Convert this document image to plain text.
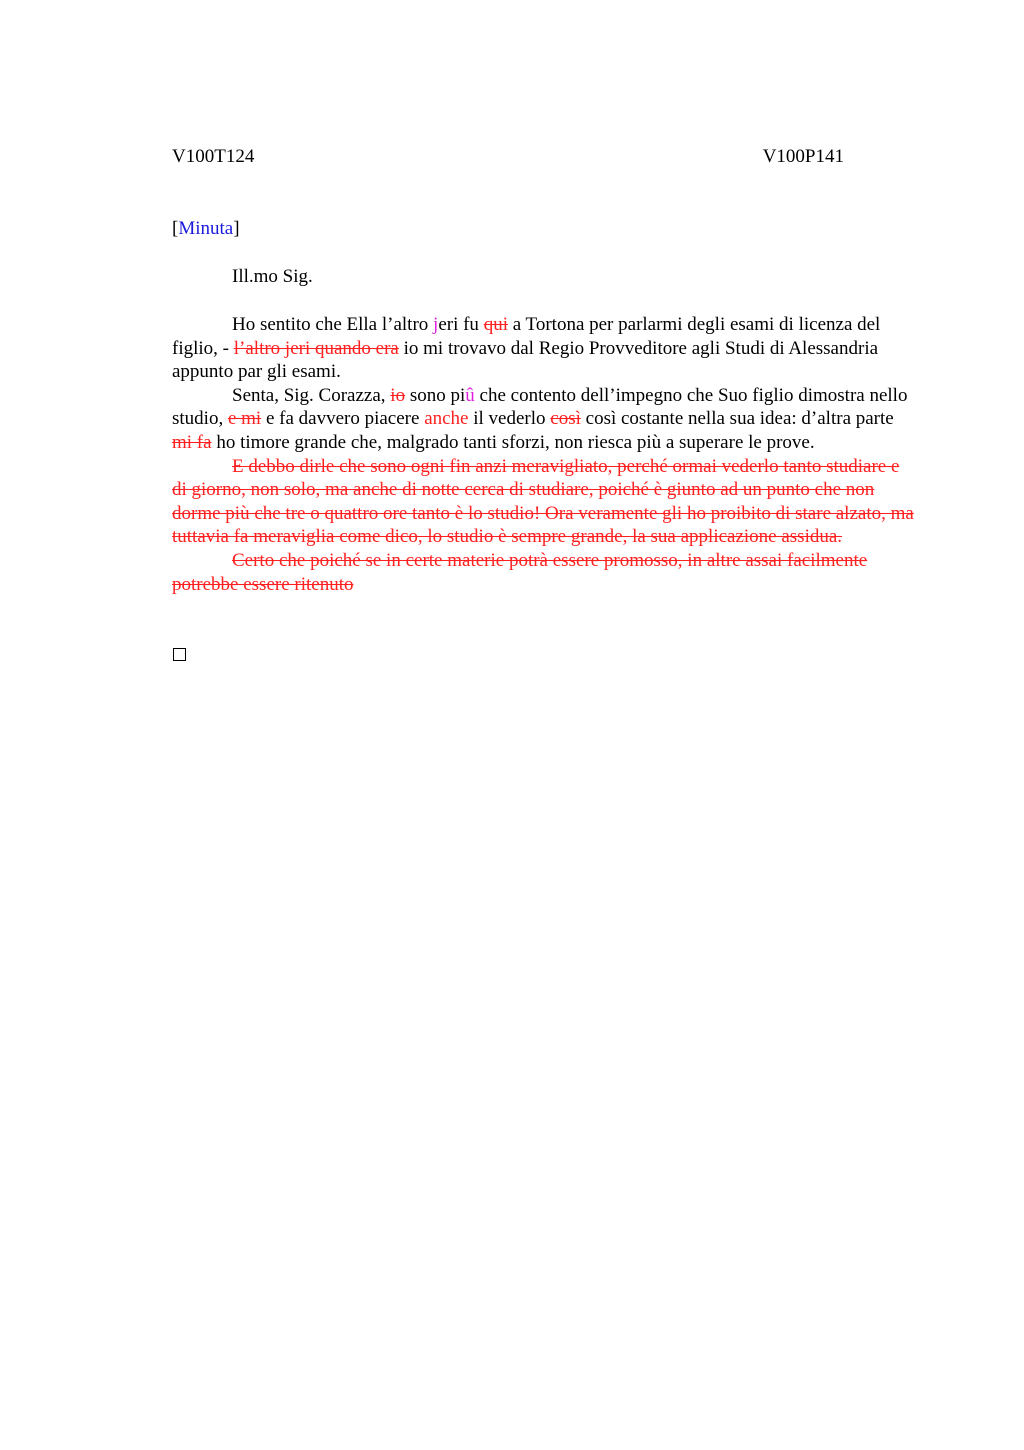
V100T124	V100P141
[Minuta]
Ill.mo Sig.

Ho sentito che Ella l’altro jeri fu qui a Tortona per parlarmi degli esami di licenza del figlio, - l’altro jeri quando era io mi trovavo dal Regio Provveditore agli Studi di Alessandria appunto par gli esami.

Senta, Sig. Corazza, io sono piû che contento dell’impegno che Suo figlio dimostra nello studio, e mi e fa davvero piacere anche il vederlo così così costante nella sua idea: d’altra parte mi fa ho timore grande che, malgrado tanti sforzi, non riesca più a superare le prove.

E debbo dirle che sono ogni fin anzi meravigliato, perché ormai vederlo tanto studiare e di giorno, non solo, ma anche di notte cerca di studiare, poiché è giunto ad un punto che non dorme più che tre o quattro ore tanto è lo studio! Ora veramente gli ho proibito di stare alzato, ma tuttavia fa meraviglia come dico, lo studio è sempre grande, la sua applicazione assidua.

Certo che poiché se in certe materie potrà essere promosso, in altre assai facilmente potrebbe essere ritenuto
